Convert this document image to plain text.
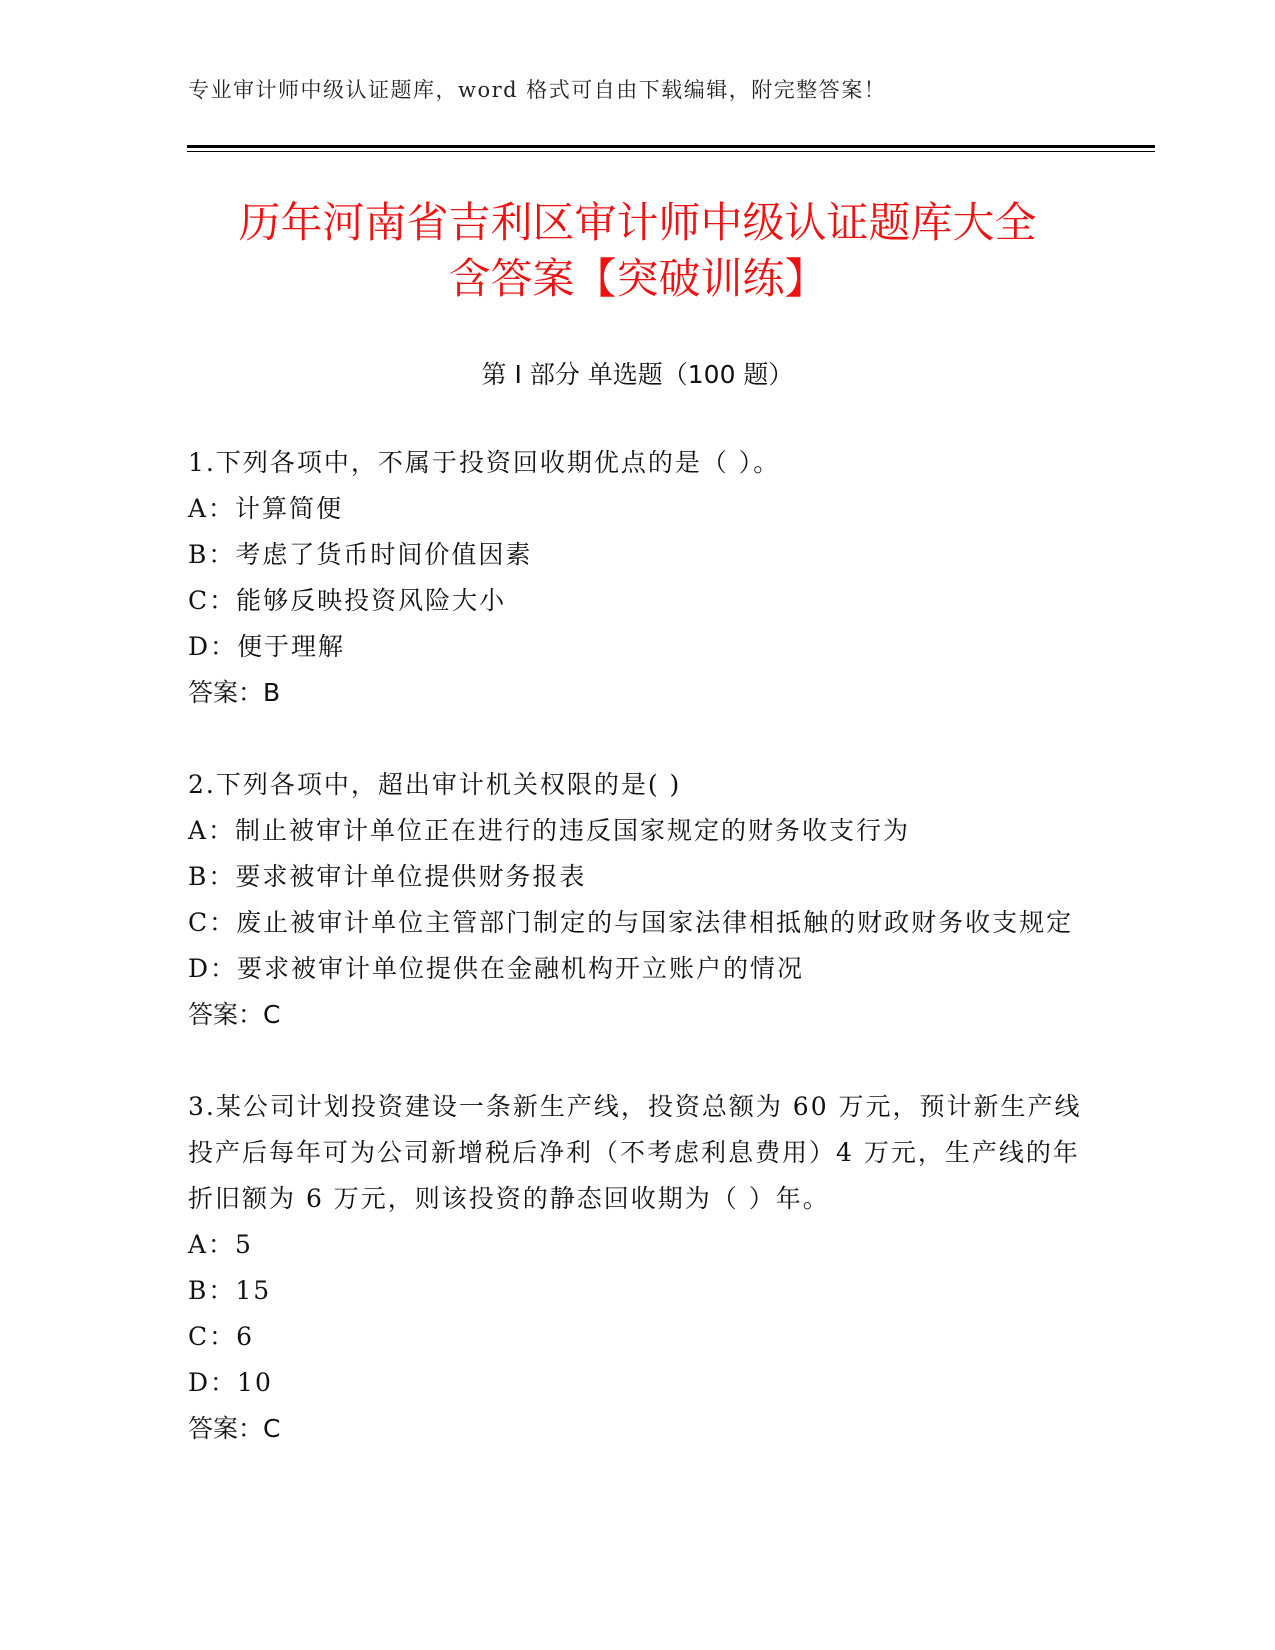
专业审计师中级认证题库，word 格式可自由下载编辑，附完整答案！
历年河南省吉利区审计师中级认证题库大全
含答案【突破训练】
第 I 部分 单选题（100 题）
1.下列各项中，不属于投资回收期优点的是（ ）。
A：计算简便
B：考虑了货币时间价值因素
C：能够反映投资风险大小
D：便于理解
答案：B
2.下列各项中，超出审计机关权限的是( )
A：制止被审计单位正在进行的违反国家规定的财务收支行为
B：要求被审计单位提供财务报表
C：废止被审计单位主管部门制定的与国家法律相抵触的财政财务收支规定
D：要求被审计单位提供在金融机构开立账户的情况
答案：C
3.某公司计划投资建设一条新生产线，投资总额为 60 万元，预计新生产线投产后每年可为公司新增税后净利（不考虑利息费用）4 万元，生产线的年折旧额为 6 万元，则该投资的静态回收期为（ ）年。
A：5
B：15
C：6
D：10
答案：C
